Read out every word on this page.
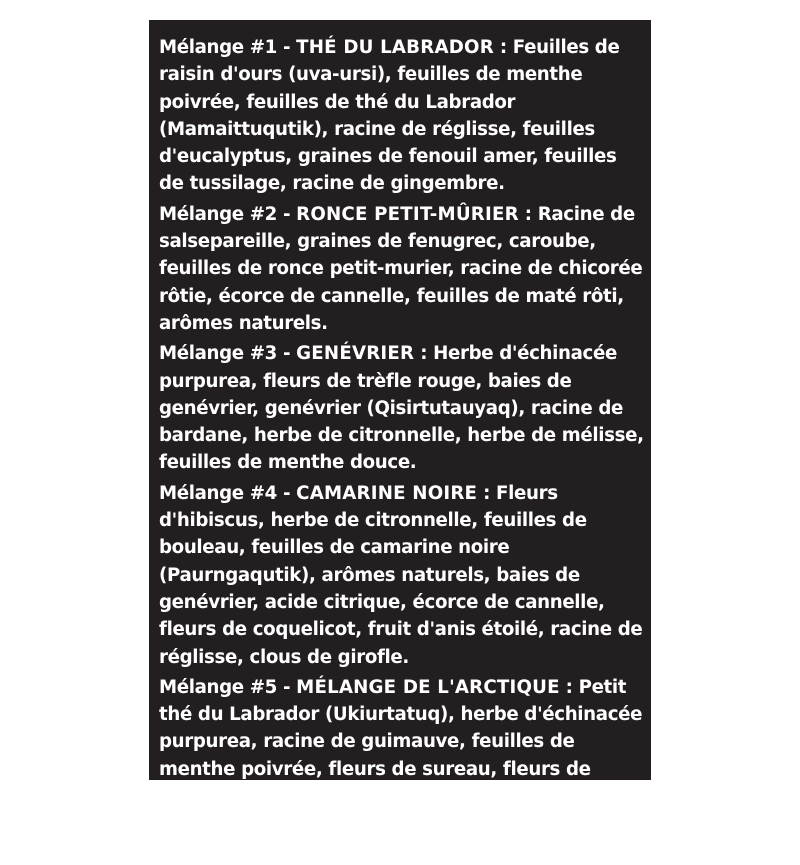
Mélange #1 - THÉ DU LABRADOR : Feuilles de raisin d'ours (uva-ursi), feuilles de menthe poivrée, feuilles de thé du Labrador (Mamaittuqutik), racine de réglisse, feuilles d'eucalyptus, graines de fenouil amer, feuilles de tussilage, racine de gingembre.

Mélange #2 - RONCE PETIT-MÛRIER : Racine de salsepareille, graines de fenugrec, caroube, feuilles de ronce petit-murier, racine de chicorée rôtie, écorce de cannelle, feuilles de maté rôti, arômes naturels.

Mélange #3 - GENÉVRIER : Herbe d'échinacée purpurea, fleurs de trèfle rouge, baies de genévrier, genévrier (Qisirtutauyaq), racine de bardane, herbe de citronnelle, herbe de mélisse, feuilles de menthe douce.

Mélange #4 - CAMARINE NOIRE : Fleurs d'hibiscus, herbe de citronnelle, feuilles de bouleau, feuilles de camarine noire (Paurngaqutik), arômes naturels, baies de genévrier, acide citrique, écorce de cannelle, fleurs de coquelicot, fruit d'anis étoilé, racine de réglisse, clous de girofle.

Mélange #5 - MÉLANGE DE L'ARCTIQUE : Petit thé du Labrador (Ukiurtatuq), herbe d'échinacée purpurea, racine de guimauve, feuilles de menthe poivrée, fleurs de sureau, fleurs de camomille, écorce de cannelle, racine de gingembre, clous de girofle, feuilles de tussilage.
